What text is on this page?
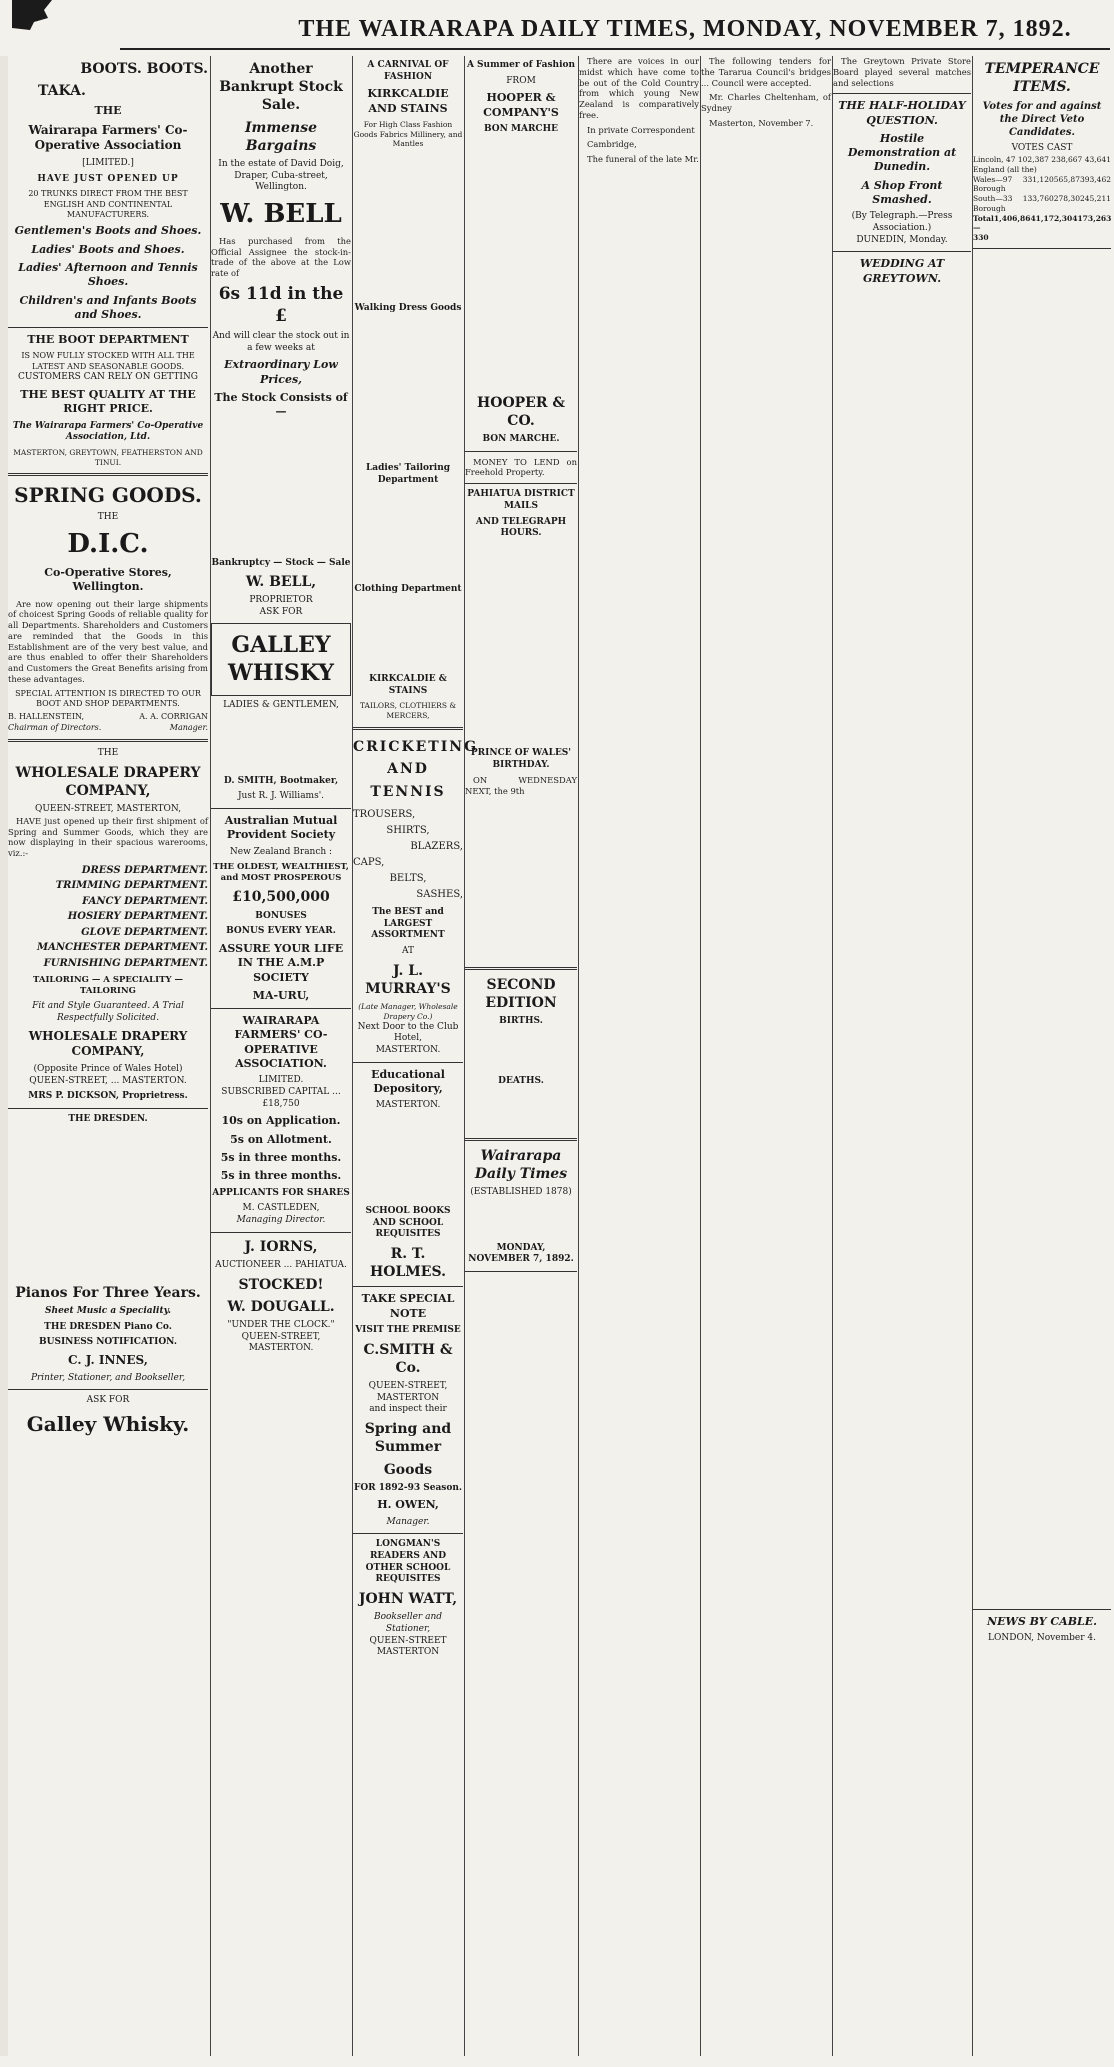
THE WAIRARAPA DAILY TIMES, MONDAY, NOVEMBER 7, 1892.
BOOTS. BOOTS.
TAKA.
THE
Wairarapa Farmers' Co-Operative Association
[LIMITED.]
HAVE JUST OPENED UP
20 TRUNKS DIRECT FROM THE BEST ENGLISH AND CONTINENTAL MANUFACTURERS.
Gentlemen's Boots and Shoes.
Ladies' Boots and Shoes.
Ladies' Afternoon and Tennis Shoes.
Children's and Infants Boots and Shoes.
THE BOOT DEPARTMENT
IS NOW FULLY STOCKED WITH ALL THE LATEST AND SEASONABLE GOODS.
CUSTOMERS CAN RELY ON GETTING
THE BEST QUALITY AT THE RIGHT PRICE.
The Wairarapa Farmers' Co-Operative Association, Ltd.
MASTERTON, GREYTOWN, FEATHERSTON AND TINUI.
SPRING GOODS.
THE
D.I.C.
Co-Operative Stores, Wellington.

Are now opening out their large shipments of choicest Spring Goods of reliable quality for all Departments. Shareholders and Customers are reminded that the Goods in this Establishment are of the very best value, and are thus enabled to offer their Shareholders and Customers the Great Benefits arising from these advantages.

SPECIAL ATTENTION IS DIRECTED TO OUR BOOT AND SHOP DEPARTMENTS.
B. HALLENSTEIN,
Chairman of Directors.
A. A. CORRIGAN
Manager.
THE
WHOLESALE DRAPERY COMPANY,
QUEEN-STREET, MASTERTON,

HAVE just opened up their first shipment of Spring and Summer Goods, which they are now displaying in their spacious warerooms, viz.:-

DRESS DEPARTMENT.
TRIMMING DEPARTMENT.
FANCY DEPARTMENT.
HOSIERY DEPARTMENT.
GLOVE DEPARTMENT.
MANCHESTER DEPARTMENT.
FURNISHING DEPARTMENT.
TAILORING — A SPECIALITY — TAILORING
Fit and Style Guaranteed. A Trial Respectfully Solicited.
WHOLESALE DRAPERY COMPANY,
(Opposite Prince of Wales Hotel)
QUEEN-STREET, ... MASTERTON.
MRS P. DICKSON, Proprietress.
THE DRESDEN.

Pianos For Three Years.
Sheet Music a Speciality.
THE DRESDEN Piano Co.
BUSINESS NOTIFICATION.
C. J. INNES,
Printer, Stationer, and Bookseller,
ASK FOR
Galley Whisky.
Another Bankrupt Stock Sale.
Immense Bargains
In the estate of David Doig, Draper, Cuba-street, Wellington.
W. BELL

Has purchased from the Official Assignee the stock-in-trade of the above at the Low rate of

6s 11d in the £
And will clear the stock out in a few weeks at
Extraordinary Low Prices,
The Stock Consists of—

Bankruptcy — Stock — Sale
W. BELL,
PROPRIETOR
ASK FOR
GALLEY WHISKY
LADIES & GENTLEMEN,

D. SMITH, Bootmaker,
Just R. J. Williams'.
Australian Mutual Provident Society
New Zealand Branch :
THE OLDEST, WEALTHIEST, and MOST PROSPEROUS
£10,500,000
BONUSES
BONUS EVERY YEAR.
ASSURE YOUR LIFE IN THE A.M.P SOCIETY
MA-URU,
WAIRARAPA FARMERS' CO-OPERATIVE ASSOCIATION.
LIMITED.
SUBSCRIBED CAPITAL ... £18,750
10s on Application.
5s on Allotment.
5s in three months.
5s in three months.
APPLICANTS FOR SHARES
M. CASTLEDEN,
Managing Director.
J. IORNS,
AUCTIONEER ... PAHIATUA.
STOCKED!
W. DOUGALL.
"UNDER THE CLOCK."
QUEEN-STREET, MASTERTON.
A CARNIVAL OF FASHION
KIRKCALDIE AND STAINS
For High Class Fashion Goods Fabrics Millinery, and Mantles

Walking Dress Goods

Ladies' Tailoring Department

Clothing Department

KIRKCALDIE & STAINS
TAILORS, CLOTHIERS & MERCERS,
CRICKETING AND TENNIS
TROUSERS,
SHIRTS,
BLAZERS,
CAPS,
BELTS,
SASHES,
The BEST and LARGEST ASSORTMENT
AT
J. L. MURRAY'S
(Late Manager, Wholesale Drapery Co.)
Next Door to the Club Hotel,
MASTERTON.
Educational Depository,
MASTERTON.

SCHOOL BOOKS AND SCHOOL REQUISITES
R. T. HOLMES.
TAKE SPECIAL NOTE
VISIT THE PREMISE
C.SMITH & Co.
QUEEN-STREET, MASTERTON
and inspect their
Spring and Summer
Goods
FOR 1892-93 Season.
H. OWEN,
Manager.
LONGMAN'S READERS AND OTHER SCHOOL REQUISITES
JOHN WATT,
Bookseller and Stationer,
QUEEN-STREET MASTERTON
A Summer of Fashion
FROM
HOOPER & COMPANY'S
BON MARCHE

HOOPER & CO.
BON MARCHE.

MONEY TO LEND on Freehold Property.

PAHIATUA DISTRICT MAILS
AND TELEGRAPH HOURS.

PRINCE OF WALES' BIRTHDAY.

ON WEDNESDAY NEXT, the 9th

SECOND EDITION
BIRTHS.

DEATHS.

Wairarapa Daily Times
(ESTABLISHED 1878)

MONDAY, NOVEMBER 7, 1892.

There are voices in our midst which have come to be out of the Cold Country from which young New Zealand is comparatively free.

In private Correspondent

Cambridge,

The funeral of the late Mr.

The following tenders for the Tararua Council's bridges ... Council were accepted.

Mr. Charles Cheltenham, of Sydney

Masterton, November 7.

The Greytown Private Store Board played several matches and selections

THE HALF-HOLIDAY QUESTION.
Hostile Demonstration at Dunedin.
A Shop Front Smashed.
(By Telegraph.—Press Association.)
DUNEDIN, Monday.
WEDDING AT GREYTOWN.
TEMPERANCE ITEMS.
Votes for and against the Direct Veto Candidates.
VOTES CAST
Lincoln, 47 102,387 238,667 43,641
England (all the)
Wales—97 Borough
331,120 565,873 93,462
South—33 Borough
133,760 278,302 45,211
Total—330
1,406,864 1,172,304 173,263

NEWS BY CABLE.
LONDON, November 4.
